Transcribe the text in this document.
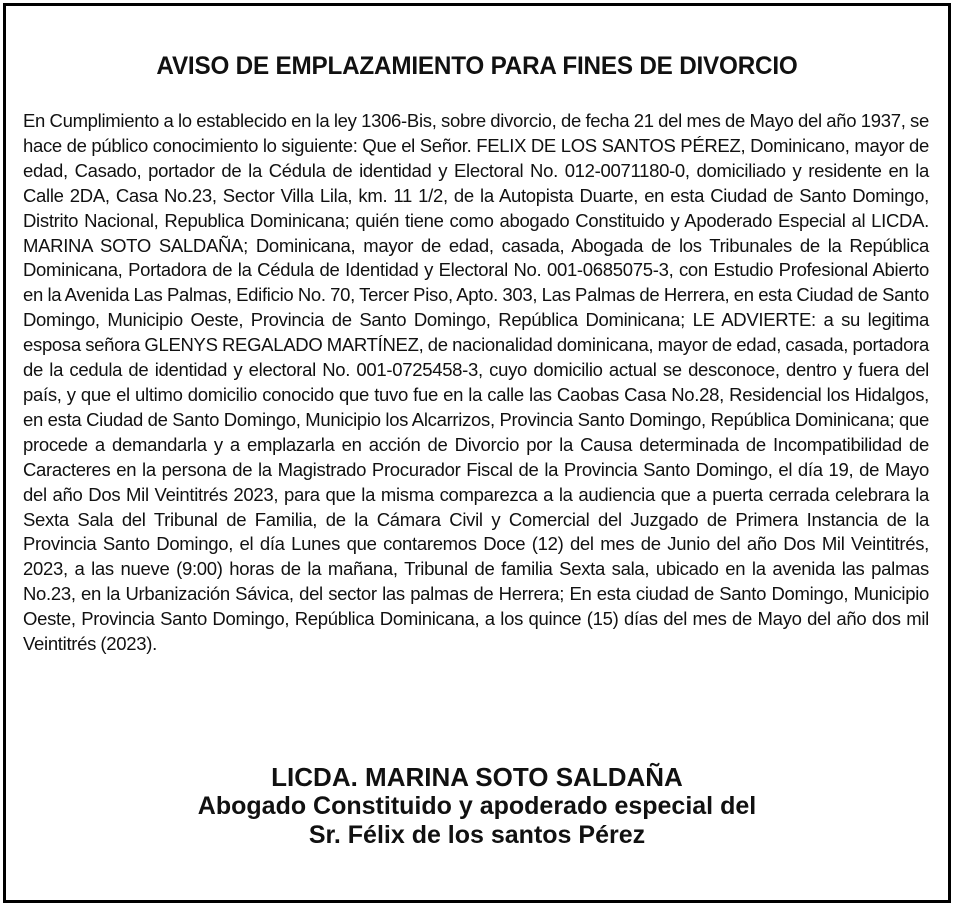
AVISO DE EMPLAZAMIENTO PARA FINES DE DIVORCIO

En Cumplimiento a lo establecido en la ley 1306-Bis, sobre divorcio, de fecha 21 del mes de Mayo del año 1937, se hace de público conocimiento lo siguiente: Que el Señor. FELIX DE LOS SANTOS PÉREZ, Dominicano, mayor de edad, Casado, portador de la Cédula de identidad y Electoral No. 012-0071180-0, domiciliado y residente en la Calle 2DA, Casa No.23, Sector Villa Lila, km. 11 1/2, de la Autopista Duarte, en esta Ciudad de Santo Domingo, Distrito Nacional, Republica Dominicana; quién tiene como abogado Constituido y Apoderado Especial al LICDA. MARINA SOTO SALDAÑA; Dominicana, mayor de edad, casada, Abogada de los Tribunales de la República Dominicana, Portadora de la Cédula de Identidad y Electoral No. 001-0685075-3, con Estudio Profesional Abierto en la Avenida Las Palmas, Edificio No. 70, Tercer Piso, Apto. 303, Las Palmas de Herrera, en esta Ciudad de Santo Domingo, Municipio Oeste, Provincia de Santo Domingo, República Dominicana; LE ADVIERTE: a su legitima esposa señora GLENYS REGALADO MARTÍNEZ, de nacionalidad dominicana, mayor de edad, casada, portadora de la cedula de identidad y electoral No. 001-0725458-3, cuyo domicilio actual se desconoce, dentro y fuera del país, y que el ultimo domicilio conocido que tuvo fue en la calle las Caobas Casa No.28, Residencial los Hidalgos, en esta Ciudad de Santo Domingo, Municipio los Alcarrizos, Provincia Santo Domingo, República Dominicana; que procede a demandarla y a emplazarla en acción de Divorcio por la Causa determinada de Incompatibilidad de Caracteres en la persona de la Magistrado Procurador Fiscal de la Provincia Santo Domingo, el día 19, de Mayo del año Dos Mil Veintitrés 2023, para que la misma comparezca a la audiencia que a puerta cerrada celebrara la Sexta Sala del Tribunal de Familia, de la Cámara Civil y Comercial del Juzgado de Primera Instancia de la Provincia Santo Domingo, el día Lunes que contaremos Doce (12) del mes de Junio del año Dos Mil Veintitrés, 2023, a las nueve (9:00) horas de la mañana, Tribunal de familia Sexta sala, ubicado en la avenida las palmas No.23, en la Urbanización Sávica, del sector las palmas de Herrera; En esta ciudad de Santo Domingo, Municipio Oeste, Provincia Santo Domingo, República Dominicana, a los quince (15) días del mes de Mayo del año dos mil Veintitrés (2023).

LICDA. MARINA SOTO SALDAÑA
Abogado Constituido y apoderado especial del
Sr. Félix de los santos Pérez
